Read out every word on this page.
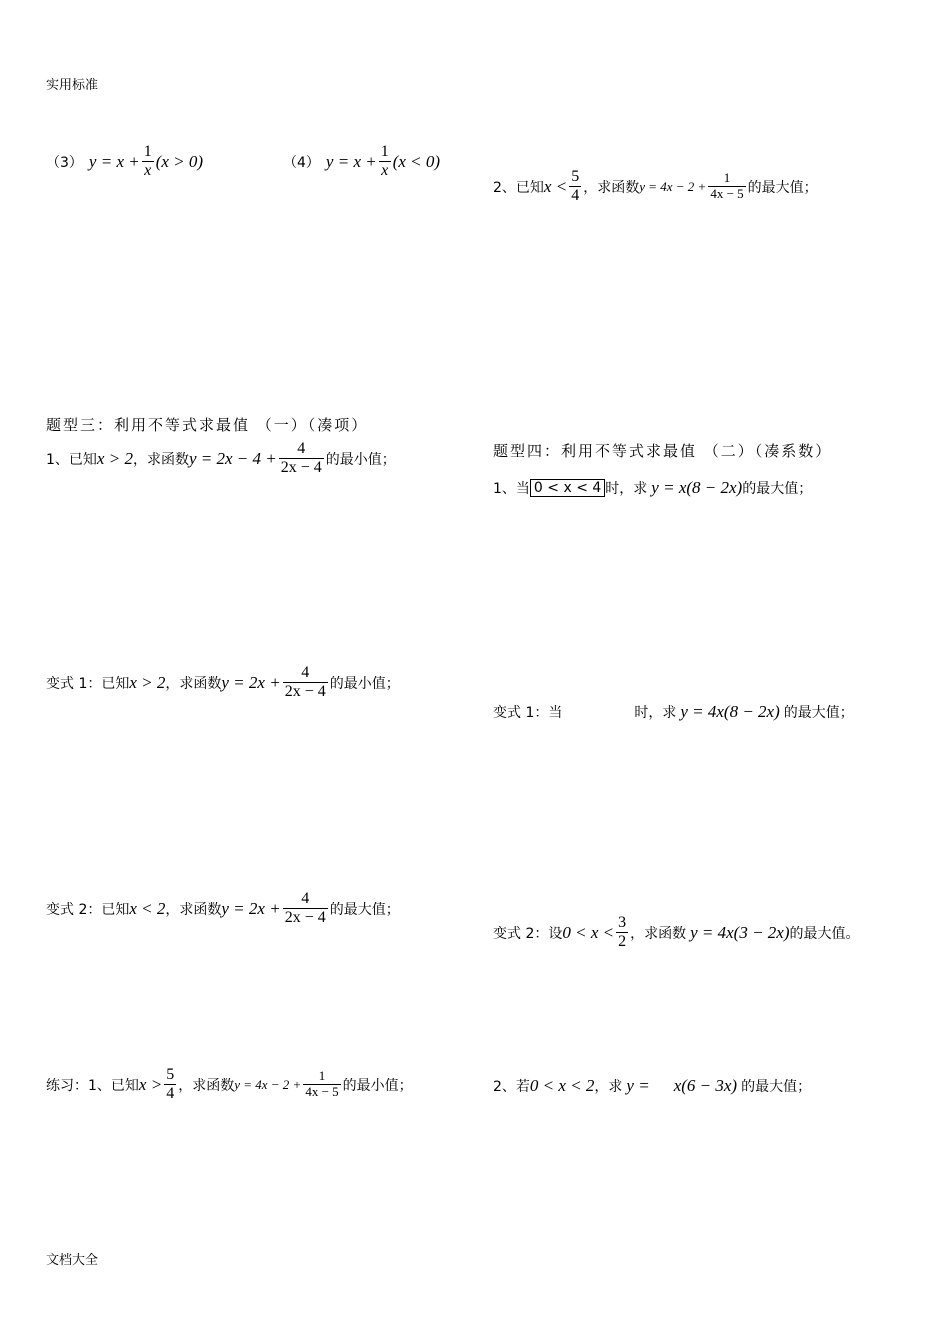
实用标准
（3） $y = x + \frac{1}{x} (x > 0)$	（4） $y = x + \frac{1}{x} (x < 0)$
2、已知 $x < \frac{5}{4}$ ，求函数 $y = 4x - 2 + \frac{1}{4x - 5}$ 的最大值；
题型三：利用不等式求最值 （一）（凑项）
1、已知 x > 2 ，求函数 $y = 2x - 4 + \frac{4}{2x - 4}$ 的最小值；
变式 1：已知 x > 2 ，求函数 $y = 2x + \frac{4}{2x - 4}$ 的最小值；
变式 2：已知 x < 2 ，求函数 $y = 2x + \frac{4}{2x - 4}$ 的最大值；
练习：1、已知 $x > \frac{5}{4}$ ，求函数 $y = 4x - 2 + \frac{1}{4x - 5}$ 的最小值；
题型四：利用不等式求最值 （二）（凑系数）
1、当 0 < x < 4 时，求 y = x(8 − 2x) 的最大值；
变式 1：当	时，求 y = 4x(8 − 2x) 的最大值；
变式 2：设 $0 < x < \frac{3}{2}$ ，求函数 y = 4x(3 − 2x) 的最大值。
2、若 0 < x < 2 ，求 y = x(6 − 3x) 的最大值；
文档大全
